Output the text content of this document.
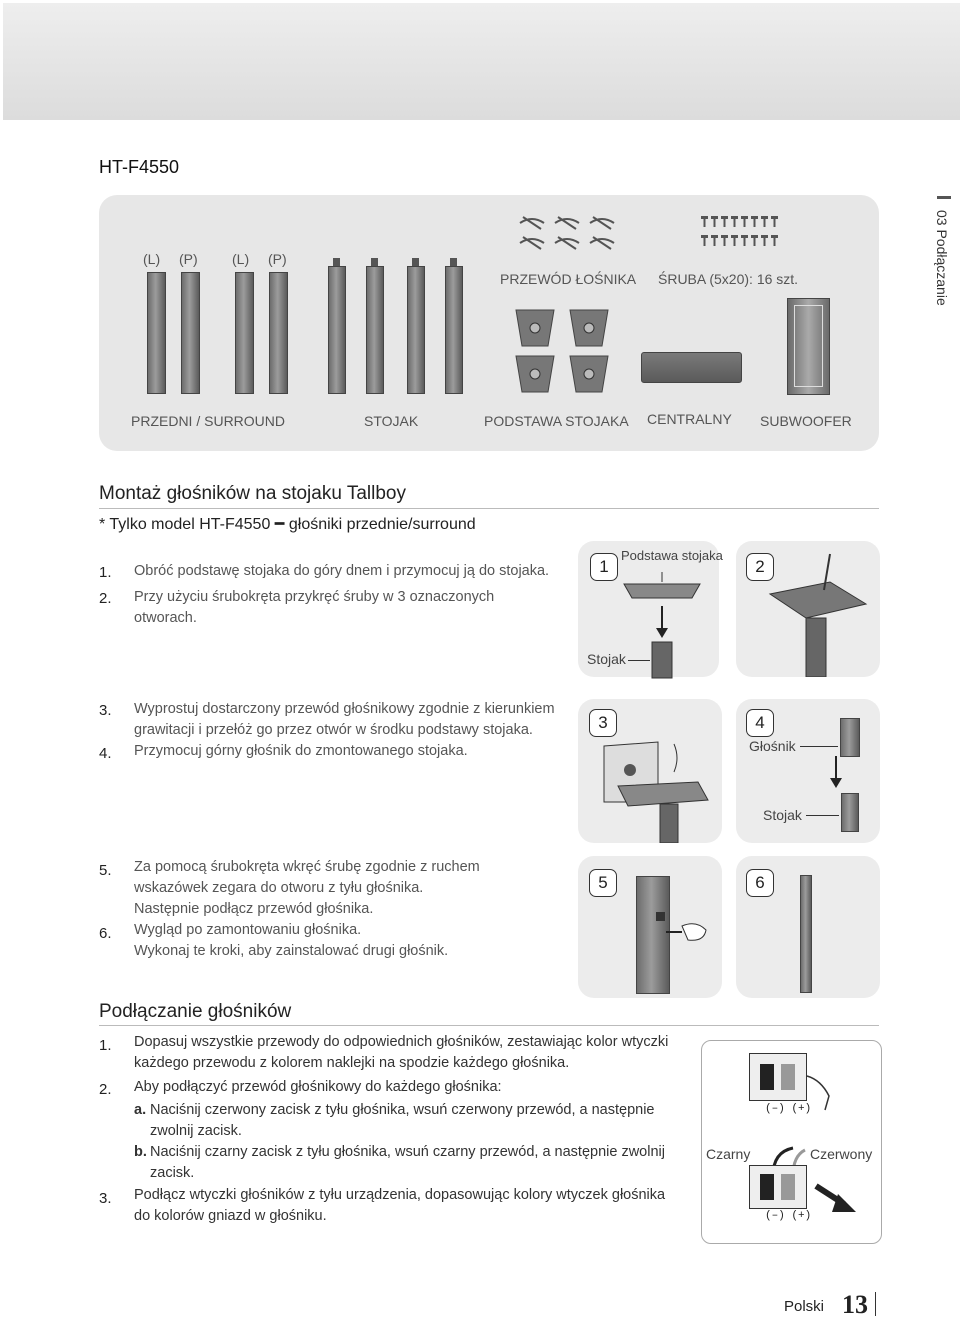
HT-F4550
03 Podłączanie
(L) (P) (L) (P)
PRZEWÓD ŁOŚNIKA ŚRUBA (5x20): 16 szt.
PRZEDNI / SURROUND	STOJAK	PODSTAWA STOJAKA CENTRALNY SUBWOOFER
Montaż głośników na stojaku Tallboy
* Tylko model HT-F4550 ━ głośniki przednie/surround
1. Obróć podstawę stojaka do góry dnem i przymocuj ją do stojaka.
2. Przy użyciu śrubokręta przykręć śruby w 3 oznaczonych
otworach.
1
Podstawa stojaka
Stojak
2
3. Wyprostuj dostarczony przewód głośnikowy zgodnie z kierunkiem
grawitacji i przełóż go przez otwór w środku podstawy stojaka.
4. Przymocuj górny głośnik do zmontowanego stojaka.
3	4
Głośnik
Stojak
5. Za pomocą śrubokręta wkręć śrubę zgodnie z ruchem
wskazówek zegara do otworu z tyłu głośnika.
Następnie podłącz przewód głośnika.
6. Wygląd po zamontowaniu głośnika.
Wykonaj te kroki, aby zainstalować drugi głośnik.
5	6
Podłączanie głośników
1. Dopasuj wszystkie przewody do odpowiednich głośników, zestawiając kolor wtyczki
każdego przewodu z kolorem naklejki na spodzie każdego głośnika.
2. Aby podłączyć przewód głośnikowy do każdego głośnika:
a. Naciśnij czerwony zacisk z tyłu głośnika, wsuń czerwony przewód, a następnie
zwolnij zacisk.
b. Naciśnij czarny zacisk z tyłu głośnika, wsuń czarny przewód, a następnie zwolnij
zacisk.
3. Podłącz wtyczki głośników z tyłu urządzenia, dopasowując kolory wtyczek głośnika
do kolorów gniazd w głośniku.
(–) (+)
Czarny	Czerwony
(–) (+)
Polski 13
